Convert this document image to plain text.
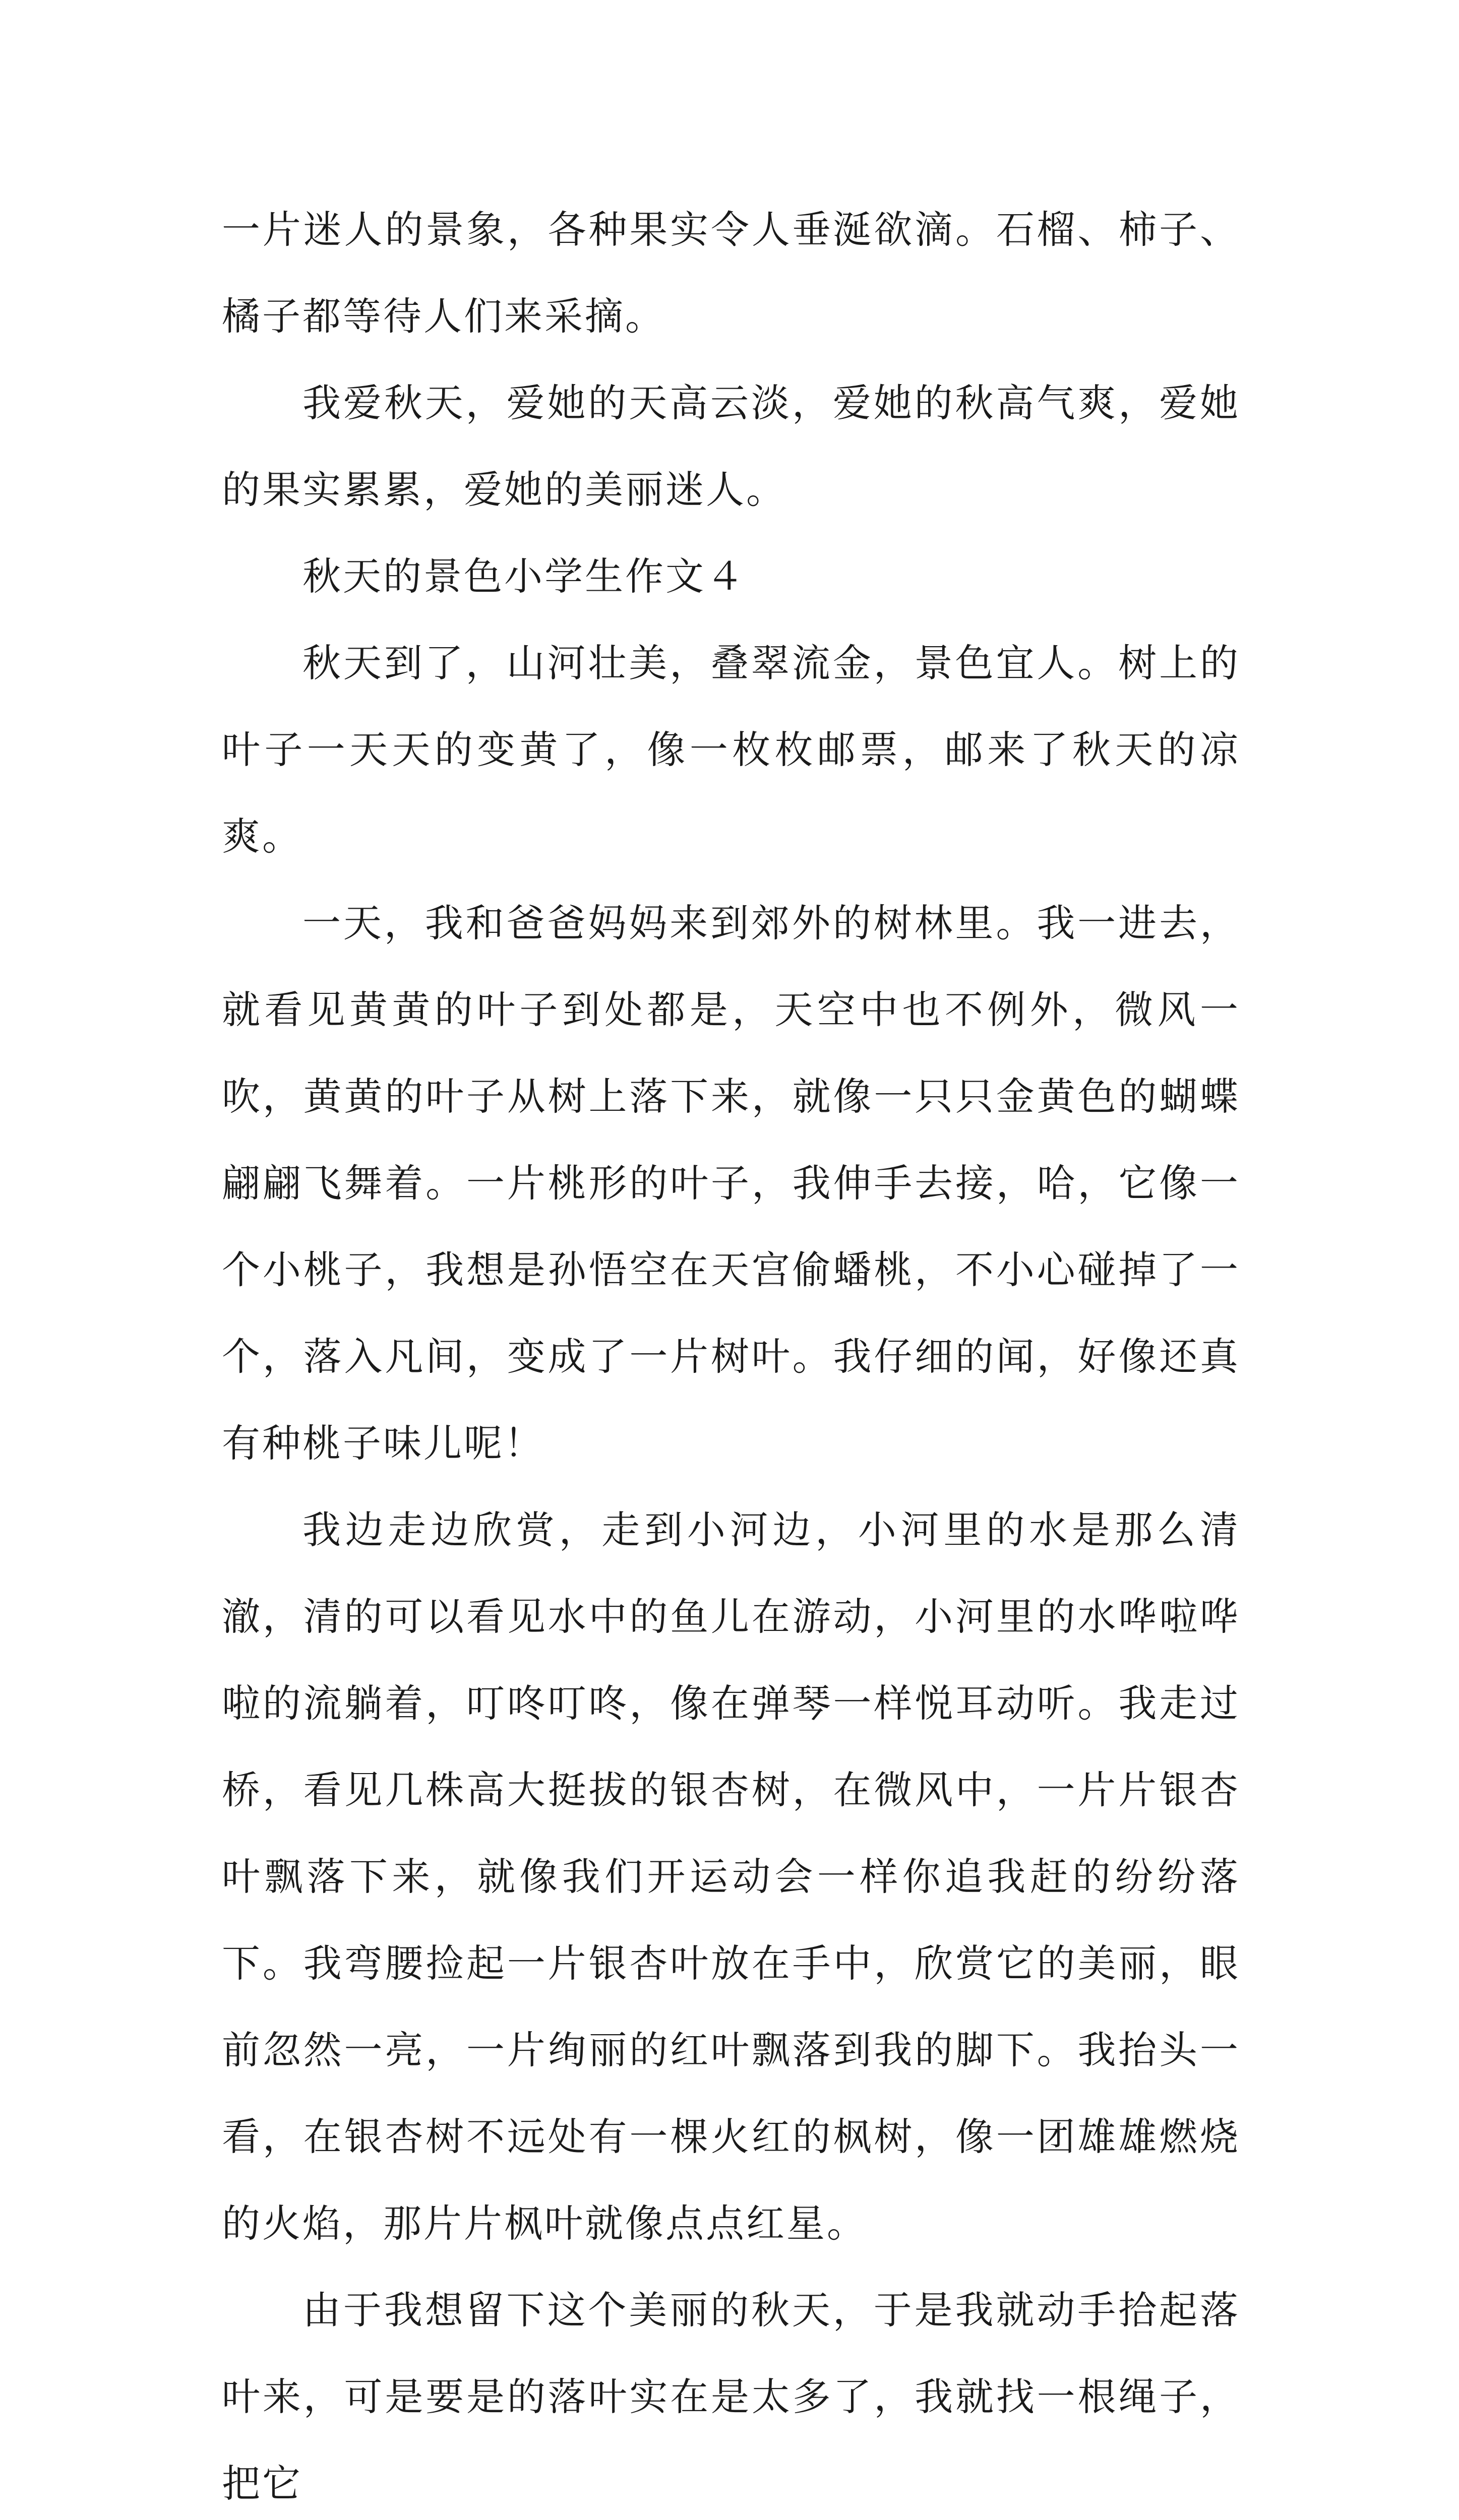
一片迷人的景象，各种果实令人垂涎欲滴。石榴、柿子、橘子都等待人们来采摘。

我爱秋天，爱她的天高云淡，爱她的秋高气爽，爱她的果实累累，爱她的美丽迷人。

秋天的景色小学生作文４

秋天到了，山河壮美，叠翠流金，景色宜人。树上的叶子一天天的变黄了，像一枚枚邮票，邮来了秋天的凉爽。

一天，我和爸爸妈妈来到郊外的树林里。我一进去，就看见黄黄的叶子到处都是，天空中也不例外，微风一吹，黄黄的叶子从树上落下来，就像一只只金黄色的蝴蝶翩翩飞舞着。一片桃形的叶子，我伸手去接，哈，它像一个小桃子，我想是孙悟空在天宫偷蟠桃，不小心碰掉了一个，落入凡间，变成了一片树叶。我仔细的闻，好像还真有种桃子味儿呢！

我边走边欣赏，走到小河边，小河里的水是那么清澈，清的可以看见水中的鱼儿在游动，小河里的水哗啦哗啦的流躺着，叮咚叮咚，像在弹琴一样悦耳动听。我走过桥，看见几株高大挺拔的银杏树，在微风中，一片片银杏叶飘落下来，就像我们开运动会一样你追我赶的纷纷落下。我弯腰捡起一片银杏叶放在手中，欣赏它的美丽，眼前忽然一亮，一片绚丽的红叶飘落到我的脚下。我抬头一看，在银杏树不远处有一棵火红的枫树，像一团雄雄燃烧的火焰，那片片枫叶就像点点红星。

由于我想留下这个美丽的秋天，于是我就动手拾起落叶来，可是要是的落叶实在是太多了，我就找一根绳子，把它
